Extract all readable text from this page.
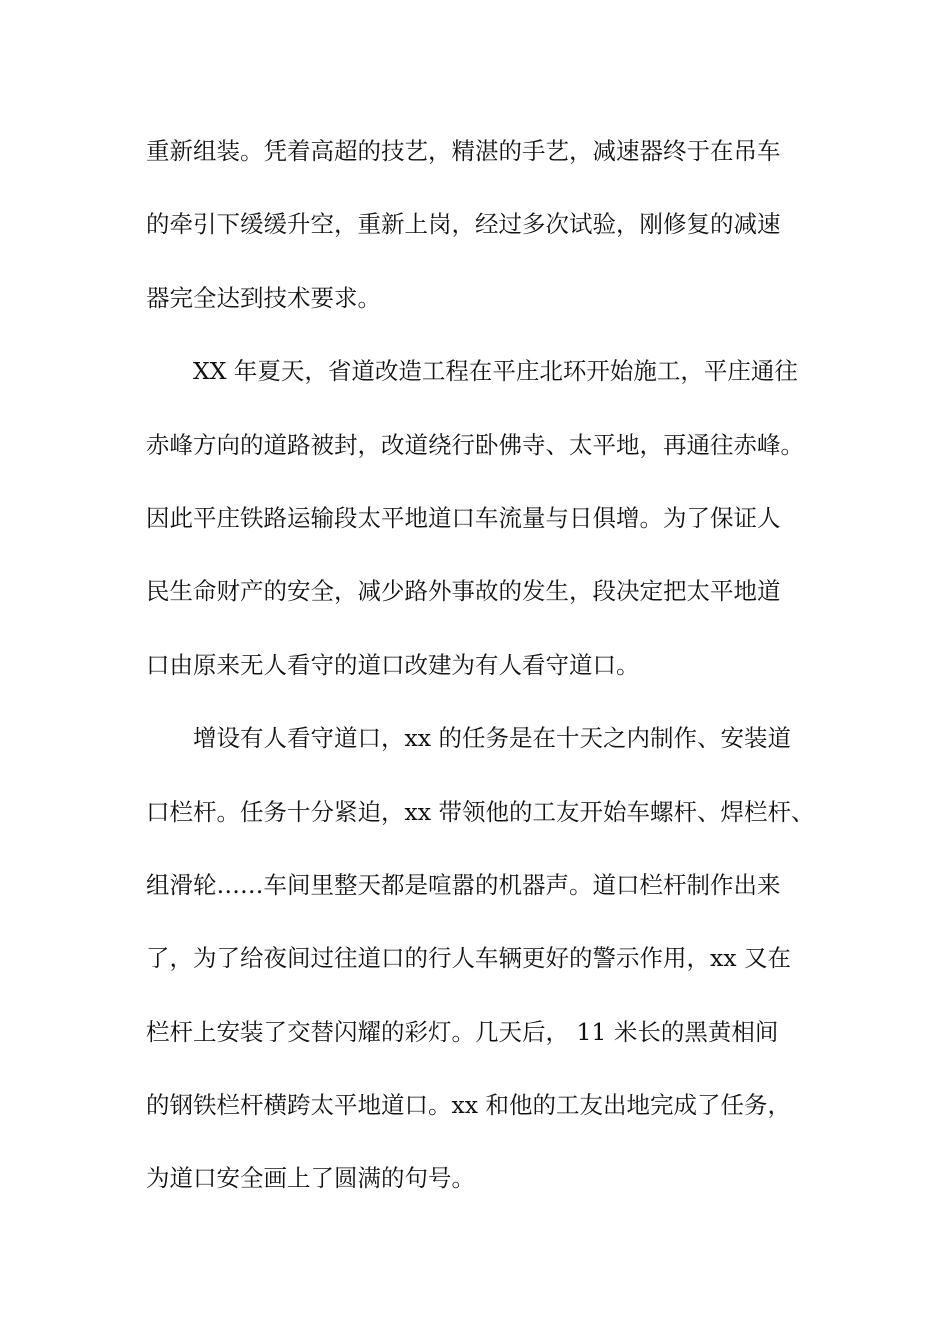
重新组装。凭着高超的技艺，精湛的手艺，减速器终于在吊车
的牵引下缓缓升空，重新上岗，经过多次试验，刚修复的减速
器完全达到技术要求。
　　XX 年夏天，省道改造工程在平庄北环开始施工，平庄通往
赤峰方向的道路被封，改道绕行卧佛寺、太平地，再通往赤峰。
因此平庄铁路运输段太平地道口车流量与日俱增。为了保证人
民生命财产的安全，减少路外事故的发生，段决定把太平地道
口由原来无人看守的道口改建为有人看守道口。
　　增设有人看守道口，xx 的任务是在十天之内制作、安装道
口栏杆。任务十分紧迫，xx 带领他的工友开始车螺杆、焊栏杆、
组滑轮……车间里整天都是喧嚣的机器声。道口栏杆制作出来
了，为了给夜间过往道口的行人车辆更好的警示作用，xx 又在
栏杆上安装了交替闪耀的彩灯。几天后， 11 米长的黑黄相间
的钢铁栏杆横跨太平地道口。xx 和他的工友出地完成了任务，
为道口安全画上了圆满的句号。
